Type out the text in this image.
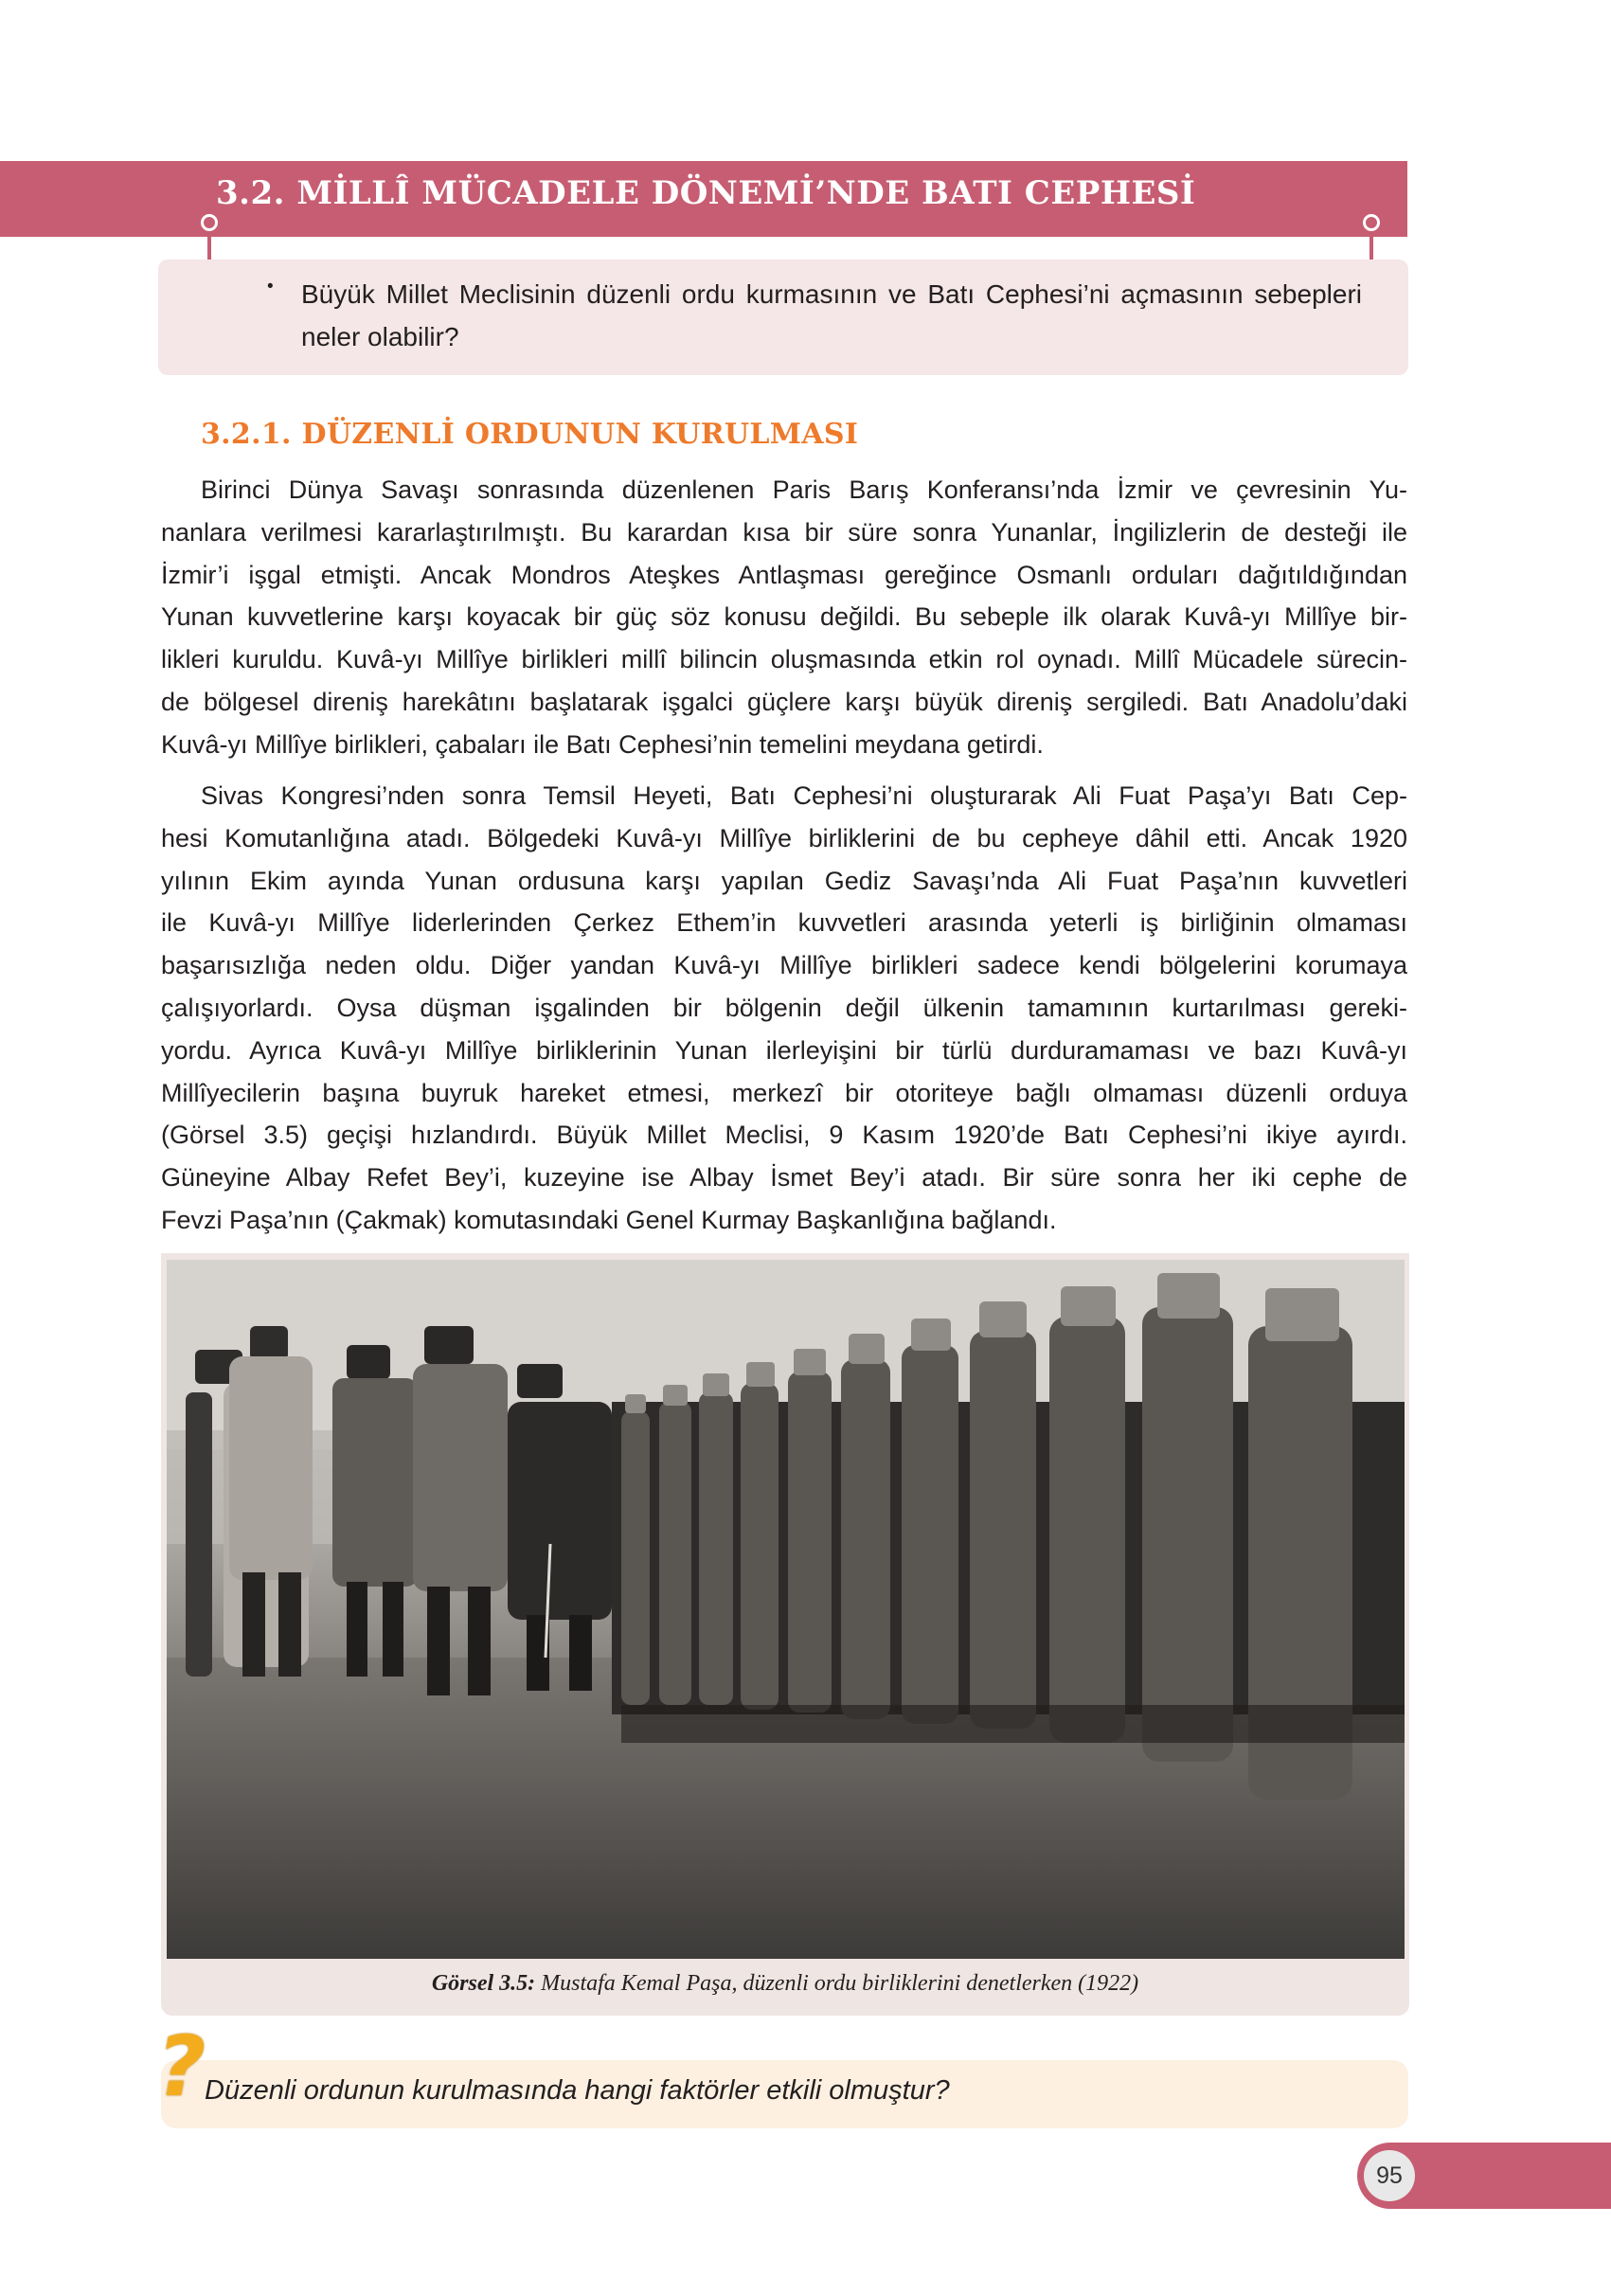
3.2. MİLLÎ MÜCADELE DÖNEMİ’NDE BATI CEPHESİ
• Büyük Millet Meclisinin düzenli ordu kurmasının ve Batı Cephesi’ni açmasının sebepleri neler olabilir?
3.2.1. DÜZENLİ ORDUNUN KURULMASI
Birinci Dünya Savaşı sonrasında düzenlenen Paris Barış Konferansı’nda İzmir ve çevresinin Yu-
nanlara verilmesi kararlaştırılmıştı. Bu karardan kısa bir süre sonra Yunanlar, İngilizlerin de desteği ile
İzmir’i işgal etmişti. Ancak Mondros Ateşkes Antlaşması gereğince Osmanlı orduları dağıtıldığından
Yunan kuvvetlerine karşı koyacak bir güç söz konusu değildi. Bu sebeple ilk olarak Kuvâ-yı Millîye bir-
likleri kuruldu. Kuvâ-yı Millîye birlikleri millî bilincin oluşmasında etkin rol oynadı. Millî Mücadele sürecin-
de bölgesel direniş harekâtını başlatarak işgalci güçlere karşı büyük direniş sergiledi. Batı Anadolu’daki
Kuvâ-yı Millîye birlikleri, çabaları ile Batı Cephesi’nin temelini meydana getirdi.
Sivas Kongresi’nden sonra Temsil Heyeti, Batı Cephesi’ni oluşturarak Ali Fuat Paşa’yı Batı Cep-
hesi Komutanlığına atadı. Bölgedeki Kuvâ-yı Millîye birliklerini de bu cepheye dâhil etti. Ancak 1920
yılının Ekim ayında Yunan ordusuna karşı yapılan Gediz Savaşı’nda Ali Fuat Paşa’nın kuvvetleri
ile Kuvâ-yı Millîye liderlerinden Çerkez Ethem’in kuvvetleri arasında yeterli iş birliğinin olmaması
başarısızlığa neden oldu. Diğer yandan Kuvâ-yı Millîye birlikleri sadece kendi bölgelerini korumaya
çalışıyorlardı. Oysa düşman işgalinden bir bölgenin değil ülkenin tamamının kurtarılması gereki-
yordu. Ayrıca Kuvâ-yı Millîye birliklerinin Yunan ilerleyişini bir türlü durduramaması ve bazı Kuvâ-yı
Millîyecilerin başına buyruk hareket etmesi, merkezî bir otoriteye bağlı olmaması düzenli orduya
(Görsel 3.5) geçişi hızlandırdı. Büyük Millet Meclisi, 9 Kasım 1920’de Batı Cephesi’ni ikiye ayırdı.
Güneyine Albay Refet Bey’i, kuzeyine ise Albay İsmet Bey’i atadı. Bir süre sonra her iki cephe de
Fevzi Paşa’nın (Çakmak) komutasındaki Genel Kurmay Başkanlığına bağlandı.
Görsel 3.5: Mustafa Kemal Paşa, düzenli ordu birliklerini denetlerken (1922)
?
Düzenli ordunun kurulmasında hangi faktörler etkili olmuştur?
95
